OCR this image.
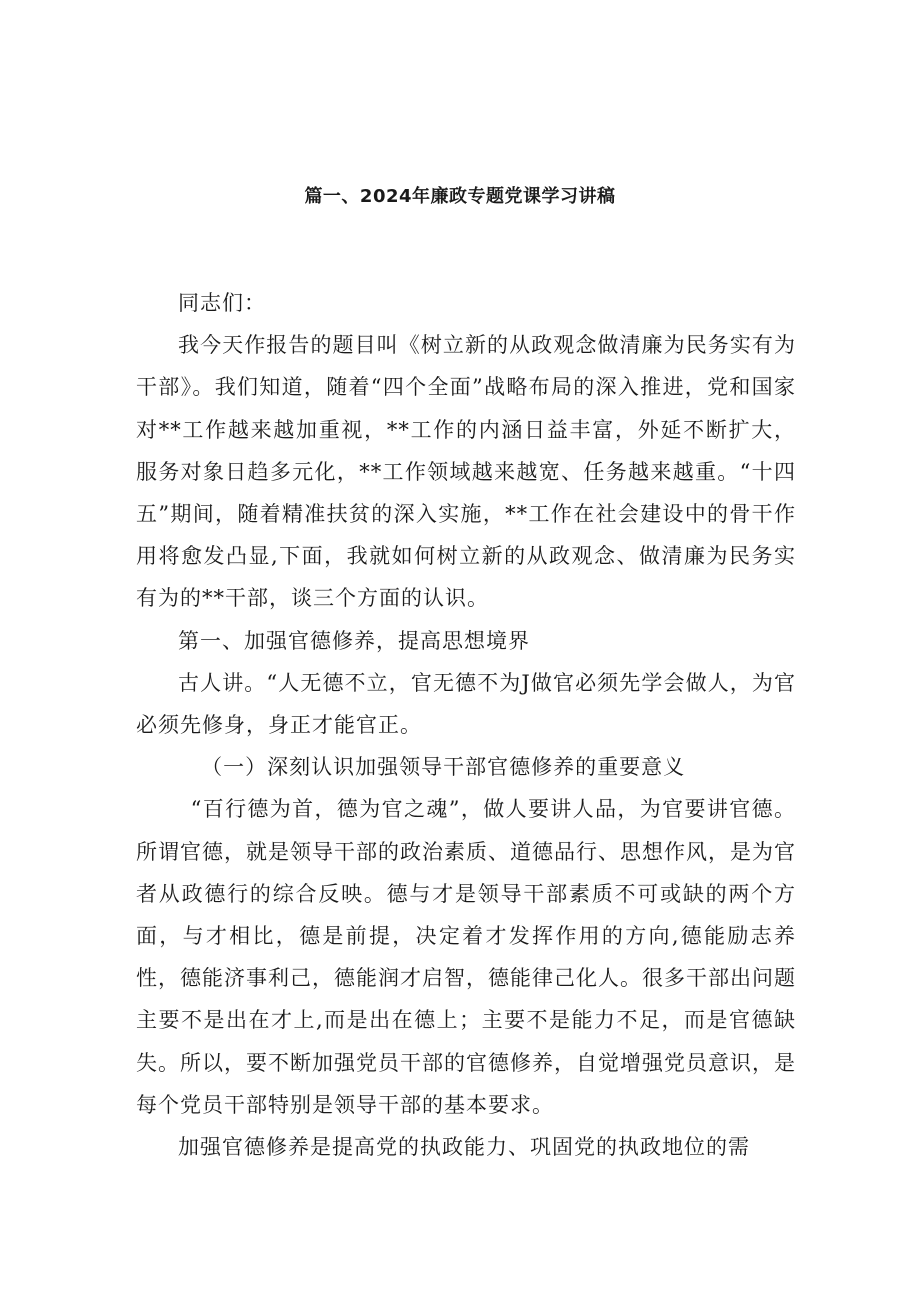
篇一、2024年廉政专题党课学习讲稿

同志们：

我今天作报告的题目叫《树立新的从政观念做清廉为民务实有为干部》。我们知道，随着“四个全面”战略布局的深入推进，党和国家对**工作越来越加重视，**工作的内涵日益丰富，外延不断扩大，服务对象日趋多元化，**工作领域越来越宽、任务越来越重。“十四五”期间，随着精准扶贫的深入实施，**工作在社会建设中的骨干作用将愈发凸显,下面，我就如何树立新的从政观念、做清廉为民务实有为的**干部，谈三个方面的认识。

第一、加强官德修养，提高思想境界

古人讲。“人无德不立，官无德不为J做官必须先学会做人，为官必须先修身，身正才能官正。

（一）深刻认识加强领导干部官德修养的重要意义

“百行德为首，德为官之魂”，做人要讲人品，为官要讲官德。所谓官德，就是领导干部的政治素质、道德品行、思想作风，是为官者从政德行的综合反映。德与才是领导干部素质不可或缺的两个方面，与才相比，德是前提，决定着才发挥作用的方向,德能励志养性，德能济事利己，德能润才启智，德能律己化人。很多干部出问题主要不是出在才上,而是出在德上；主要不是能力不足，而是官德缺失。所以，要不断加强党员干部的官德修养，自觉增强党员意识，是每个党员干部特别是领导干部的基本要求。

加强官德修养是提高党的执政能力、巩固党的执政地位的需
